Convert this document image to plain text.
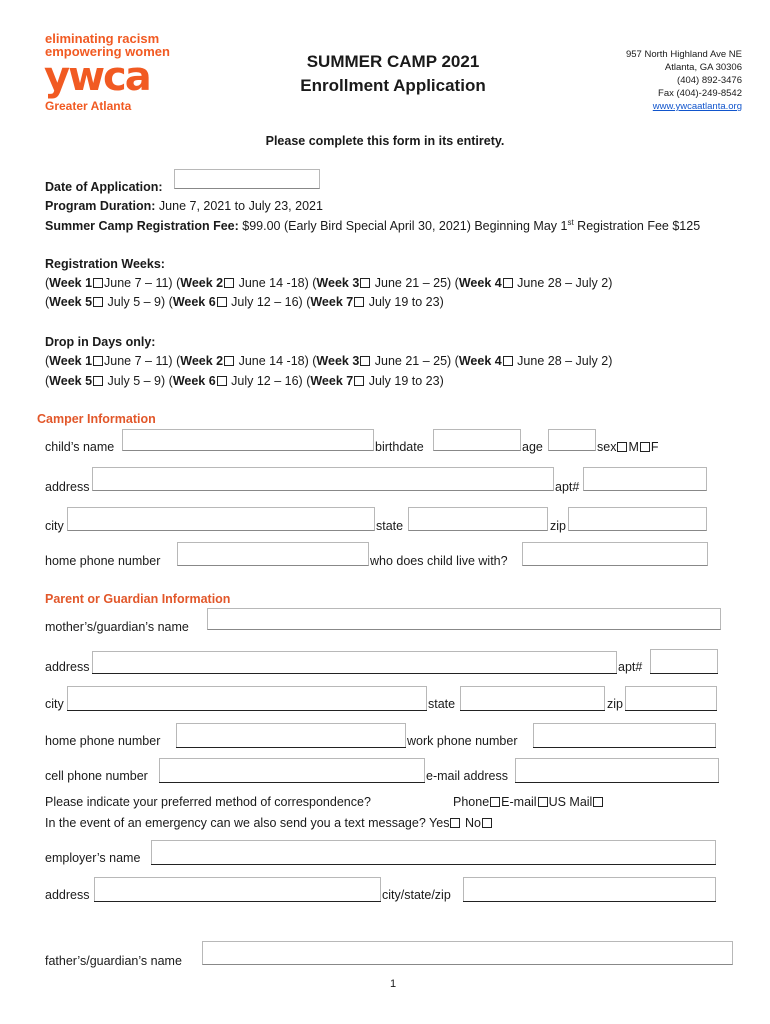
eliminating racism
empowering women
ywca
Greater Atlanta
SUMMER CAMP 2021
Enrollment Application
957 North Highland Ave NE
Atlanta, GA 30306
(404) 892-3476
Fax (404)-249-8542
www.ywcaatlanta.org
Please complete this form in its entirety.
Date of Application:
Program Duration: June 7, 2021 to July 23, 2021
Summer Camp Registration Fee: $99.00 (Early Bird Special April 30, 2021) Beginning May 1st Registration Fee $125
Registration Weeks:
(Week 1 June 7 – 11) (Week 2 June 14 -18) (Week 3 June 21 – 25) (Week 4 June 28 – July 2)
(Week 5 July 5 – 9) (Week 6 July 12 – 16) (Week 7 July 19 to 23)
Drop in Days only:
(Week 1 June 7 – 11) (Week 2 June 14 -18) (Week 3 June 21 – 25) (Week 4 June 28 – July 2)
(Week 5 July 5 – 9) (Week 6 July 12 – 16) (Week 7 July 19 to 23)
Camper Information
child’s name	birthdate	age	sex M F
address	apt#
city	state	zip
home phone number	who does child live with?
Parent or Guardian Information
mother’s/guardian’s name
address	apt#
city	state	zip
home phone number	work phone number
cell phone number	e-mail address
Please indicate your preferred method of correspondence?	Phone E-mail US Mail
In the event of an emergency can we also send you a text message? Yes No
employer’s name
address	city/state/zip
father’s/guardian’s name
1
